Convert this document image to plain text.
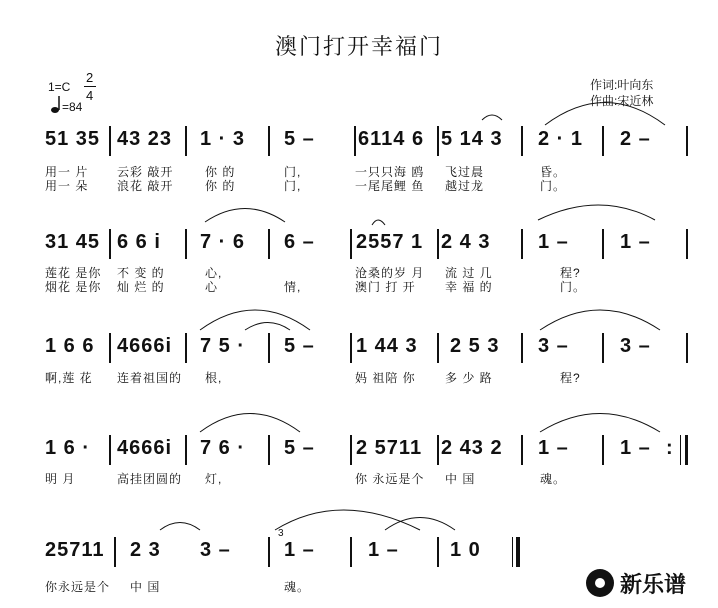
澳门打开幸福门
1=C
2
4
=84
作词:叶向东
作曲:宋近林
51 35 43 23 1 · 3 5 – 6114 6 5 14 3 2 · 1 2 –
用一 片 云彩 敲开	你 的	门,	一只只海 鸥 飞过晨	昏。
用一 朵 浪花 敲开	你 的	门,	一尾尾鲤 鱼 越过龙	门。
31 45 6 6 i 7 · 6 6 – 2557 1 2 4 3 1 –	1 –
莲花 是你 不 变 的	心,	沧桑的岁 月 流 过 几	程?
烟花 是你 灿 烂 的	心	情,	澳门 打 开 幸 福 的	门。
1 6 6 4666i 7 5 · 5 – 1 44 3 2 5 3 3 –	3 –
啊,莲 花 连着祖国的 根,	妈 祖陪 你 多 少 路	程?
1 6 · 4666i 7 6 · 5 – 2 5711 2 43 2 1 –	1 – :
明 月	高挂团圆的 灯,	你 永远是个 中 国	魂。
25711 2 3 3 –
3
1 –	1 –	1 0
你永远是个 中 国	魂。	新乐谱
